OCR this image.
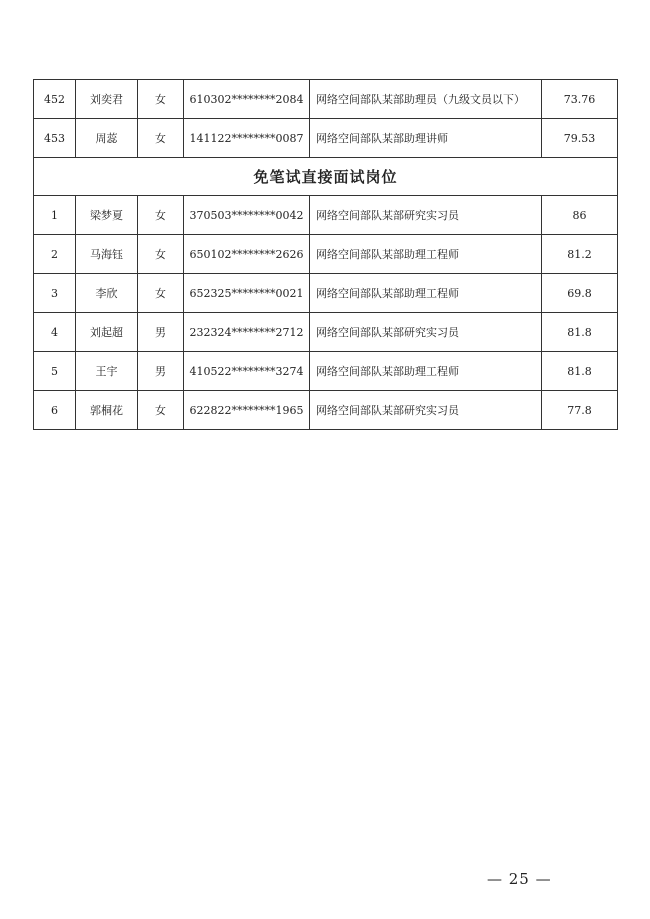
452	刘奕君	女	610302********2084	网络空间部队某部助理员（九级文员以下）	73.76
453	周蕊	女	141122********0087	网络空间部队某部助理讲师	79.53
免笔试直接面试岗位					
1	梁梦夏	女	370503********0042	网络空间部队某部研究实习员	86
2	马海钰	女	650102********2626	网络空间部队某部助理工程师	81.2
3	李欣	女	652325********0021	网络空间部队某部助理工程师	69.8
4	刘起超	男	232324********2712	网络空间部队某部研究实习员	81.8
5	王宇	男	410522********3274	网络空间部队某部助理工程师	81.8
6	郭桐花	女	622822********1965	网络空间部队某部研究实习员	77.8
— 25 —
